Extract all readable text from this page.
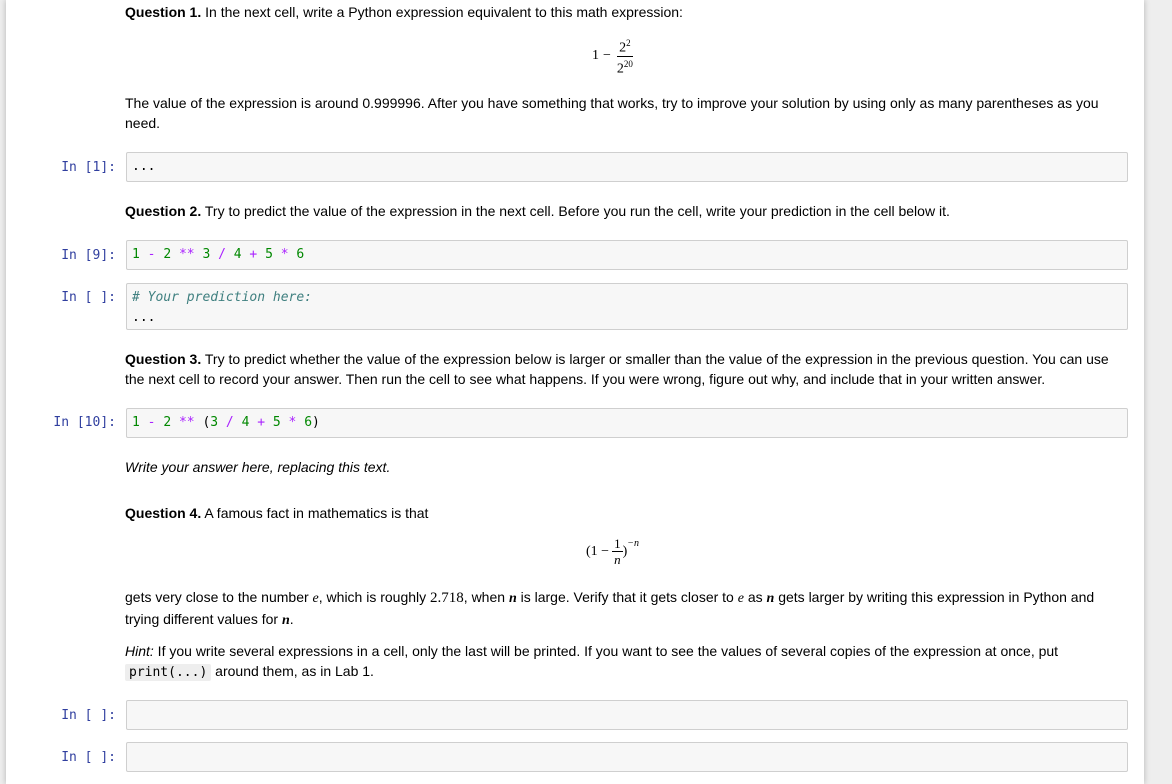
Question 1. In the next cell, write a Python expression equivalent to this math expression:
$1 - \frac{2^2}{2^{20}}$
The value of the expression is around 0.999996. After you have something that works, try to improve your solution by using only as many parentheses as you need.
In [1]:	...
Question 2. Try to predict the value of the expression in the next cell. Before you run the cell, write your prediction in the cell below it.
In [9]:	1 - 2 ** 3 / 4 + 5 * 6
In [ ]:	# Your prediction here:
...
Question 3. Try to predict whether the value of the expression below is larger or smaller than the value of the expression in the previous question. You can use the next cell to record your answer. Then run the cell to see what happens. If you were wrong, figure out why, and include that in your written answer.
In [10]:	1 - 2 ** (3 / 4 + 5 * 6)
Write your answer here, replacing this text.
Question 4. A famous fact in mathematics is that
$(1 - \frac{1}{n} )^{-n}$
gets very close to the number e, which is roughly 2.718, when n is large. Verify that it gets closer to e as n gets larger by writing this expression in Python and trying different values for n.
Hint: If you write several expressions in a cell, only the last will be printed. If you want to see the values of several copies of the expression at once, put print(...) around them, as in Lab 1.
In [ ]:
In [ ]:
